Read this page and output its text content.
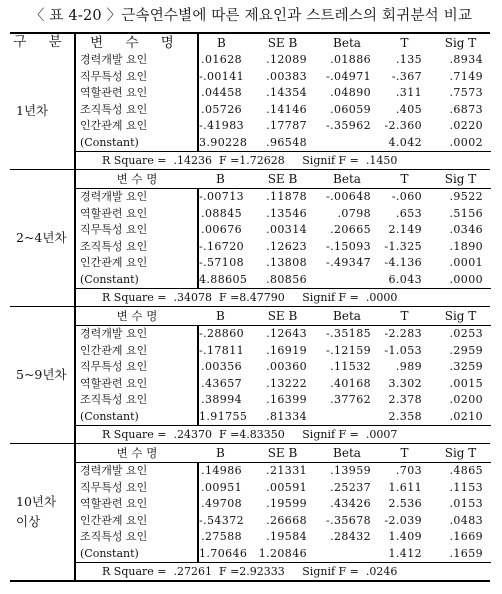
〈 표 4-20 〉근속연수별에 따른 제요인과 스트레스의 회귀분석 비교
구 분	변 수 명	B	SE B	Beta	T	Sig T

1년차	
경력개발 요인	.01628	.12089	.01886	.135	.8934
직무특성 요인	-.00141	.00383	-.04971	-.367	.7149
역할관련 요인	.04458	.14354	.04890	.311	.7573
조직특성 요인	.05726	.14146	.06059	.405	.6873
인간관계 요인	-.41983	.17787	-.35962	-2.360	.0220
(Constant)	3.90228	.96548		4.042	.0002
R Square =  .14236  F =1.72628     Signif F =  .1450

2~4년차	
변 수 명	B	SE B	Beta	T	Sig T
경력개발 요인	-.00713	.11878	-.00648	-.060	.9522
역할관련 요인	.08845	.13546	.0798	.653	.5156
직무특성 요인	.00676	.00314	.20665	2.149	.0346
조직특성 요인	-.16720	.12623	-.15093	-1.325	.1890
인간관계 요인	-.57108	.13808	-.49347	-4.136	.0001
(Constant)	4.88605	.80856		6.043	.0000
R Square =  .34078  F =8.47790     Signif F =  .0000

5~9년차	
변 수 명	B	SE B	Beta	T	Sig T
경력개발 요인	-.28860	.12643	-.35185	-2.283	.0253
인간관계 요인	-.17811	.16919	-.12159	-1.053	.2959
직무특성 요인	.00356	.00360	.11532	.989	.3259
역할관련 요인	.43657	.13222	.40168	3.302	.0015
조직특성 요인	.38994	.16399	.37762	2.378	.0200
(Constant)	1.91755	.81334		2.358	.0210
R Square =  .24370  F =4.83350     Signif F =  .0007

10년차
이상	
변 수 명	B	SE B	Beta	T	Sig T
경력개발 요인	.14986	.21331	.13959	.703	.4865
직무특성 요인	.00951	.00591	.25237	1.611	.1153
역할관련 요인	.49708	.19599	.43426	2.536	.0153
인간관계 요인	-.54372	.26668	-.35678	-2.039	.0483
조직특성 요인	.27588	.19584	.28432	1.409	.1669
(Constant)	1.70646	1.20846		1.412	.1659
R Square =  .27261  F =2.92333     Signif F =  .0246
